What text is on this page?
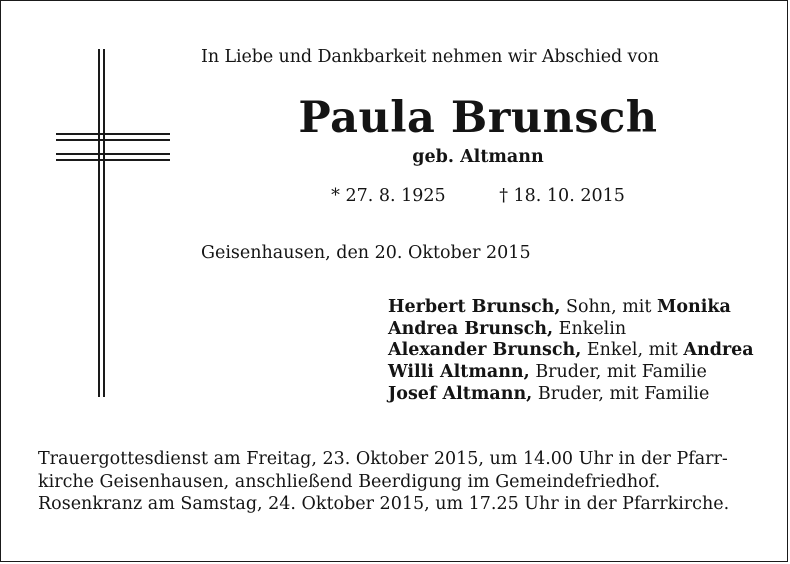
In Liebe und Dankbarkeit nehmen wir Abschied von
Paula Brunsch
geb. Altmann
* 27. 8. 1925	† 18. 10. 2015
Geisenhausen, den 20. Oktober 2015
Herbert Brunsch, Sohn, mit Monika
Andrea Brunsch, Enkelin
Alexander Brunsch, Enkel, mit Andrea
Willi Altmann, Bruder, mit Familie
Josef Altmann, Bruder, mit Familie
Trauergottesdienst am Freitag, 23. Oktober 2015, um 14.00 Uhr in der Pfarr-
kirche Geisenhausen, anschließend Beerdigung im Gemeindefriedhof.
Rosenkranz am Samstag, 24. Oktober 2015, um 17.25 Uhr in der Pfarrkirche.
